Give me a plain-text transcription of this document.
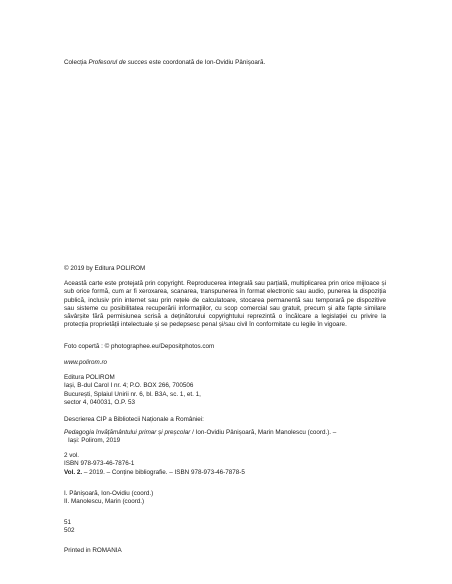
Colecția Profesorul de succes este coordonată de Ion-Ovidiu Pânișoară.
© 2019 by Editura POLIROM
Această carte este protejată prin copyright. Reproducerea integrală sau parțială, multiplicarea prin orice mijloace și sub orice formă, cum ar fi xeroxarea, scanarea, transpunerea în format electronic sau audio, punerea la dispoziția publică, inclusiv prin internet sau prin rețele de calculatoare, stocarea permanentă sau temporară pe dispozitive sau sisteme cu posibilitatea recuperării informațiilor, cu scop comercial sau gratuit, precum și alte fapte similare săvârșite fără permisiunea scrisă a deținătorului copyrightului reprezintă o încălcare a legislației cu privire la protecția proprietății intelectuale și se pedepsesc penal și/sau civil în conformitate cu legile în vigoare.
Foto copertă : © photographee.eu/Depositphotos.com
www.polirom.ro
Editura POLIROM
Iași, B-dul Carol I nr. 4; P.O. BOX 266, 700506
București, Splaiul Unirii nr. 6, bl. B3A, sc. 1, et. 1,
sector 4, 040031, O.P. 53
Descrierea CIP a Bibliotecii Naționale a României:
Pedagogia învățământului primar și preșcolar / Ion-Ovidiu Pânișoară, Marin Manolescu (coord.). –
Iași: Polirom, 2019
2 vol.
ISBN 978-973-46-7876-1
Vol. 2. – 2019. – Conține bibliografie. – ISBN 978-973-46-7878-5
I. Pânișoară, Ion-Ovidiu (coord.)
II. Manolescu, Marin (coord.)
51
502
Printed in ROMANIA
